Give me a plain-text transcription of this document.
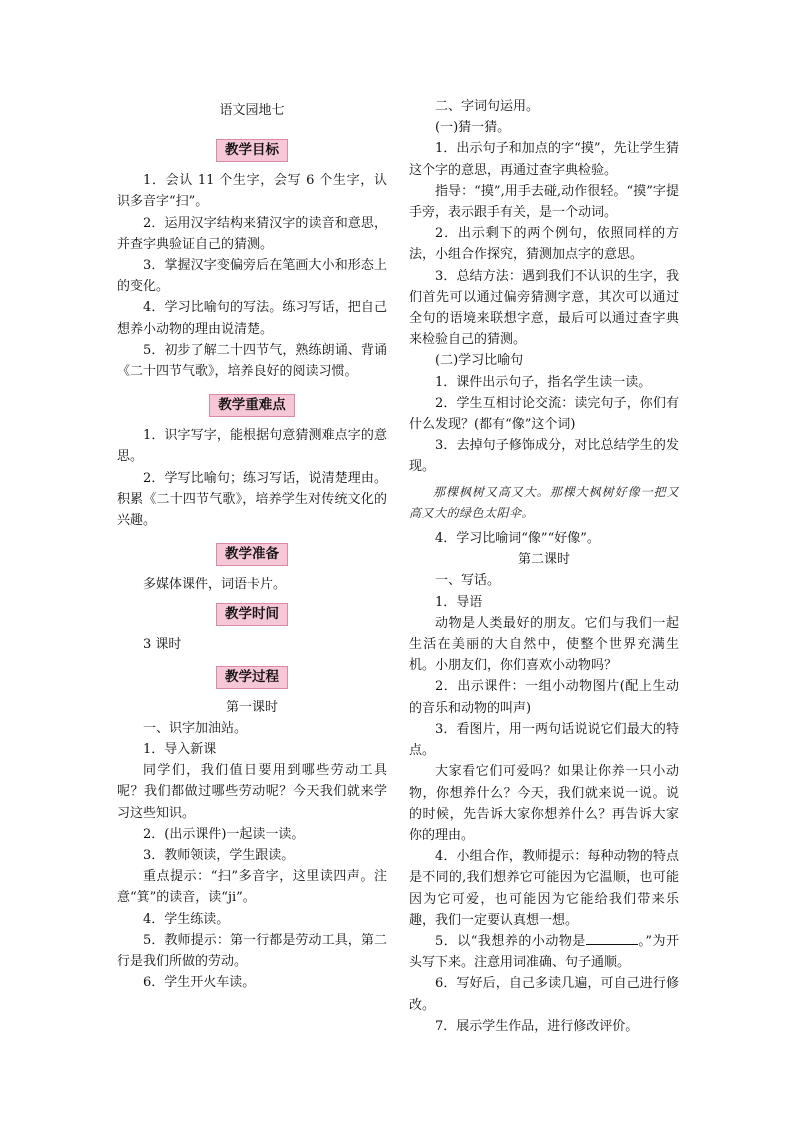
语文园地七

教学目标

1．会认 11 个生字，会写 6 个生字，认识多音字“扫”。

2．运用汉字结构来猜汉字的读音和意思，并查字典验证自己的猜测。

3．掌握汉字变偏旁后在笔画大小和形态上的变化。

4．学习比喻句的写法。练习写话，把自己想养小动物的理由说清楚。

5．初步了解二十四节气，熟练朗诵、背诵《二十四节气歌》，培养良好的阅读习惯。

教学重难点

1．识字写字，能根据句意猜测难点字的意思。

2．学写比喻句；练习写话，说清楚理由。积累《二十四节气歌》，培养学生对传统文化的兴趣。

教学准备

多媒体课件，词语卡片。

教学时间

3 课时

教学过程

第一课时

一、识字加油站。

1．导入新课

同学们，我们值日要用到哪些劳动工具呢？我们都做过哪些劳动呢？今天我们就来学习这些知识。

2．(出示课件)一起读一读。

3．教师领读，学生跟读。

重点提示：“扫”多音字，这里读四声。注意“箕”的读音，读“ji”。

4．学生练读。

5．教师提示：第一行都是劳动工具，第二行是我们所做的劳动。

6．学生开火车读。

二、字词句运用。

(一)猜一猜。

1．出示句子和加点的字“摸”，先让学生猜这个字的意思，再通过查字典检验。

指导：“摸”,用手去碰,动作很轻。“摸”字提手旁，表示跟手有关，是一个动词。

2．出示剩下的两个例句，依照同样的方法，小组合作探究，猜测加点字的意思。

3．总结方法：遇到我们不认识的生字，我们首先可以通过偏旁猜测字意，其次可以通过全句的语境来联想字意，最后可以通过查字典来检验自己的猜测。

(二)学习比喻句

1．课件出示句子，指名学生读一读。

2．学生互相讨论交流：读完句子，你们有什么发现？(都有“像”这个词)

3．去掉句子修饰成分，对比总结学生的发现。

那棵枫树又高又大。那棵大枫树好像一把又高又大的绿色太阳伞。

4．学习比喻词“像”“好像”。

第二课时

一、写话。

1．导语

动物是人类最好的朋友。它们与我们一起生活在美丽的大自然中，使整个世界充满生机。小朋友们，你们喜欢小动物吗？

2．出示课件：一组小动物图片(配上生动的音乐和动物的叫声)

3．看图片，用一两句话说说它们最大的特点。

大家看它们可爱吗？如果让你养一只小动物，你想养什么？今天，我们就来说一说。说的时候，先告诉大家你想养什么？再告诉大家你的理由。

4．小组合作，教师提示：每种动物的特点是不同的,我们想养它可能因为它温顺，也可能因为它可爱，也可能因为它能给我们带来乐趣，我们一定要认真想一想。

5．以“我想养的小动物是	。”为开头写下来。注意用词准确、句子通顺。

6．写好后，自己多读几遍，可自己进行修改。

7．展示学生作品，进行修改评价。
